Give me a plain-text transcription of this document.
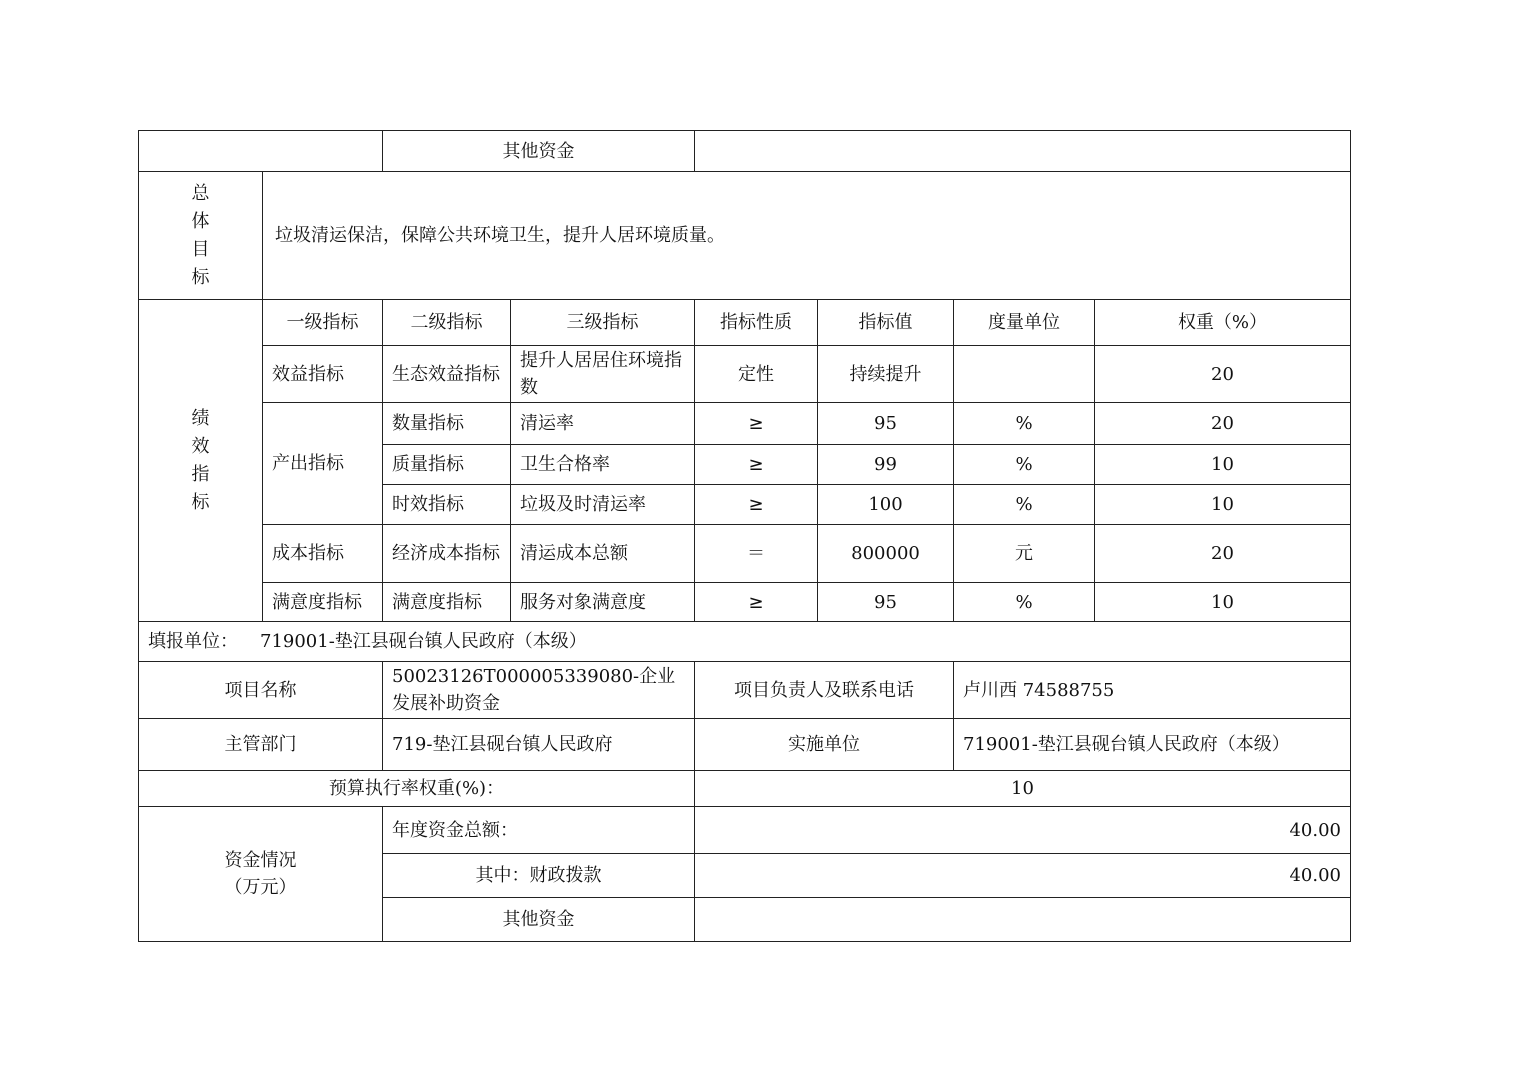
		其他资金					

总
体
目
标	垃圾清运保洁，保障公共环境卫生，提升人居环境质量。						

绩
效
指
标	一级指标	二级指标	三级指标	指标性质	指标值	度量单位	权重（%）
	效益指标	生态效益指标	提升人居居住环境指数	定性	持续提升		20
	产出指标	数量指标	清运率	≥	95	%	20
		质量指标	卫生合格率	≥	99	%	10
		时效指标	垃圾及时清运率	≥	100	%	10
	成本指标	经济成本指标	清运成本总额	＝	800000	元	20
	满意度指标	满意度指标	服务对象满意度	≥	95	%	10
填报单位： 719001-垫江县砚台镇人民政府（本级）							
项目名称		50023126T000005339080-企业发展补助资金		项目负责人及联系电话		卢川西 74588755	
主管部门		719-垫江县砚台镇人民政府		实施单位		719001-垫江县砚台镇人民政府（本级）	
预算执行率权重(%)：				10			

资金情况
（万元）		年度资金总额：		40.00			
		其中：财政拨款		40.00			
		其他资金					
